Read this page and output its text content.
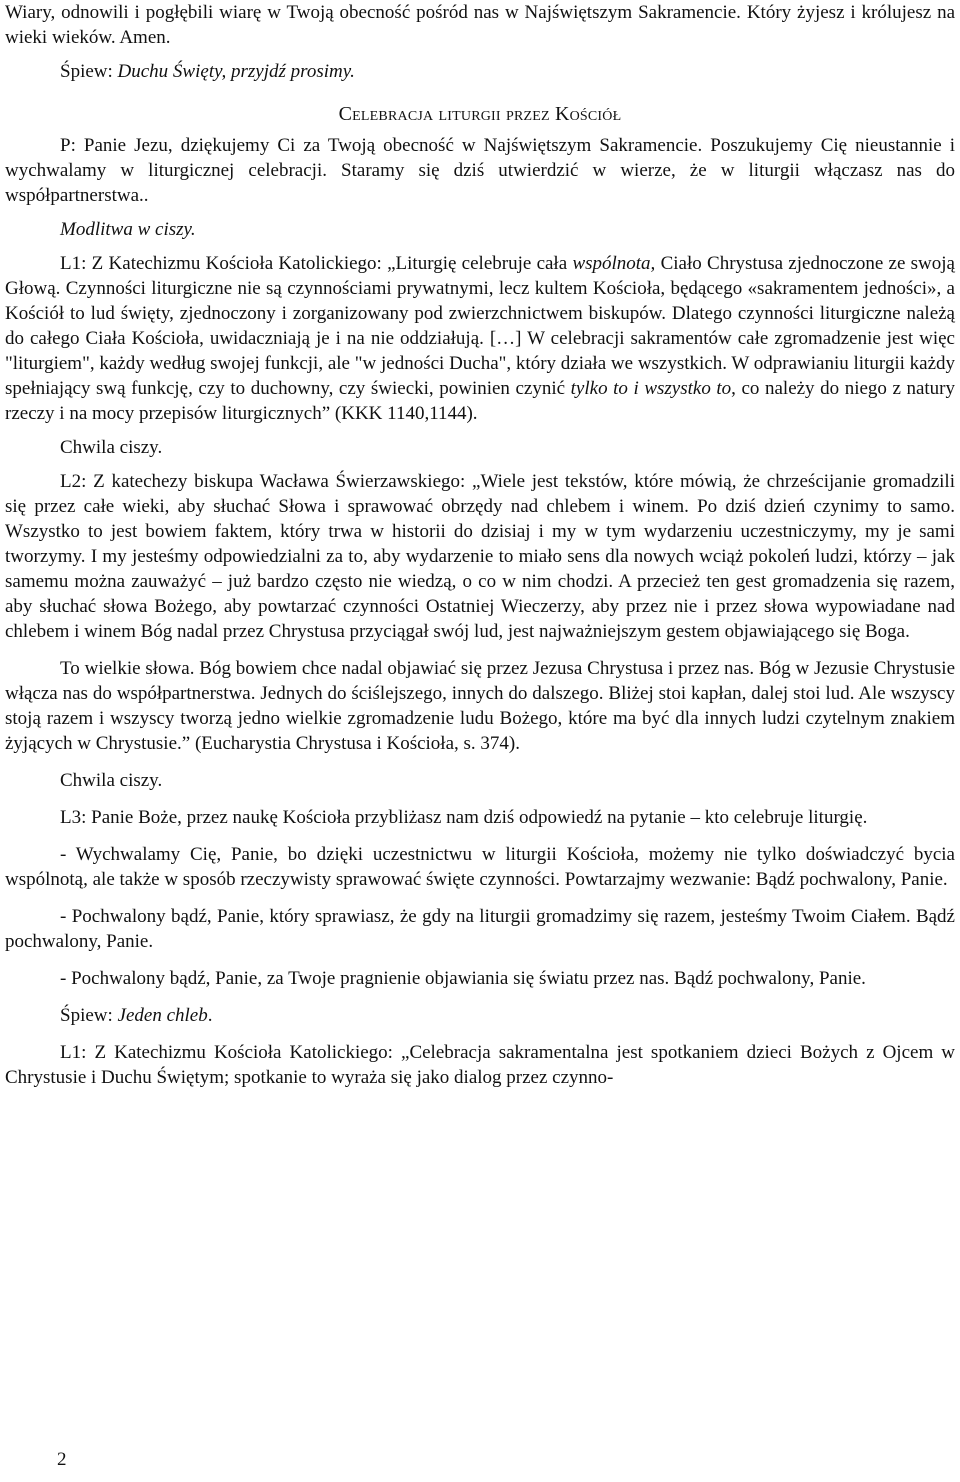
Wiary, odnowili i pogłębili wiarę w Twoją obecność pośród nas w Najświętszym Sakramencie. Który żyjesz i królujesz na wieki wieków. Amen.

Śpiew: Duchu Święty, przyjdź prosimy.

Celebracja liturgii przez Kościół

P: Panie Jezu, dziękujemy Ci za Twoją obecność w Najświętszym Sakramencie. Poszukujemy Cię nieustannie i wychwalamy w liturgicznej celebracji. Staramy się dziś utwierdzić w wierze, że w liturgii włączasz nas do współpartnerstwa..

Modlitwa w ciszy.

L1: Z Katechizmu Kościoła Katolickiego: „Liturgię celebruje cała wspólnota, Ciało Chrystusa zjednoczone ze swoją Głową. Czynności liturgiczne nie są czynnościami prywatnymi, lecz kultem Kościoła, będącego «sakramentem jedności», a Kościół to lud święty, zjednoczony i zorganizowany pod zwierzchnictwem biskupów. Dlatego czynności liturgiczne należą do całego Ciała Kościoła, uwidaczniają je i na nie oddziałują. […] W celebracji sakramentów całe zgromadzenie jest więc "liturgiem", każdy według swojej funkcji, ale "w jedności Ducha", który działa we wszystkich. W odprawianiu liturgii każdy spełniający swą funkcję, czy to duchowny, czy świecki, powinien czynić tylko to i wszystko to, co należy do niego z natury rzeczy i na mocy przepisów liturgicznych” (KKK 1140,1144).

Chwila ciszy.

L2: Z katechezy biskupa Wacława Świerzawskiego: „Wiele jest tekstów, które mówią, że chrześcijanie gromadzili się przez całe wieki, aby słuchać Słowa i sprawować obrzędy nad chlebem i winem. Po dziś dzień czynimy to samo. Wszystko to jest bowiem faktem, który trwa w historii do dzisiaj i my w tym wydarzeniu uczestniczymy, my je sami tworzymy. I my jesteśmy odpowiedzialni za to, aby wydarzenie to miało sens dla nowych wciąż pokoleń ludzi, którzy – jak samemu można zauważyć – już bardzo często nie wiedzą, o co w nim chodzi. A przecież ten gest gromadzenia się razem, aby słuchać słowa Bożego, aby powtarzać czynności Ostatniej Wieczerzy, aby przez nie i przez słowa wypowiadane nad chlebem i winem Bóg nadal przez Chrystusa przyciągał swój lud, jest najważniejszym gestem objawiającego się Boga.

To wielkie słowa. Bóg bowiem chce nadal objawiać się przez Jezusa Chrystusa i przez nas. Bóg w Jezusie Chrystusie włącza nas do współpartnerstwa. Jednych do ściślejszego, innych do dalszego. Bliżej stoi kapłan, dalej stoi lud. Ale wszyscy stoją razem i wszyscy tworzą jedno wielkie zgromadzenie ludu Bożego, które ma być dla innych ludzi czytelnym znakiem żyjących w Chrystusie.” (Eucharystia Chrystusa i Kościoła, s. 374).

Chwila ciszy.

L3: Panie Boże, przez naukę Kościoła przybliżasz nam dziś odpowiedź na pytanie – kto celebruje liturgię.

- Wychwalamy Cię, Panie, bo dzięki uczestnictwu w liturgii Kościoła, możemy nie tylko doświadczyć bycia wspólnotą, ale także w sposób rzeczywisty sprawować święte czynności. Powtarzajmy wezwanie: Bądź pochwalony, Panie.

- Pochwalony bądź, Panie, który sprawiasz, że gdy na liturgii gromadzimy się razem, jesteśmy Twoim Ciałem. Bądź pochwalony, Panie.

- Pochwalony bądź, Panie, za Twoje pragnienie objawiania się światu przez nas. Bądź pochwalony, Panie.

Śpiew: Jeden chleb.

L1: Z Katechizmu Kościoła Katolickiego: „Celebracja sakramentalna jest spotkaniem dzieci Bożych z Ojcem w Chrystusie i Duchu Świętym; spotkanie to wyraża się jako dialog przez czynno-

2
